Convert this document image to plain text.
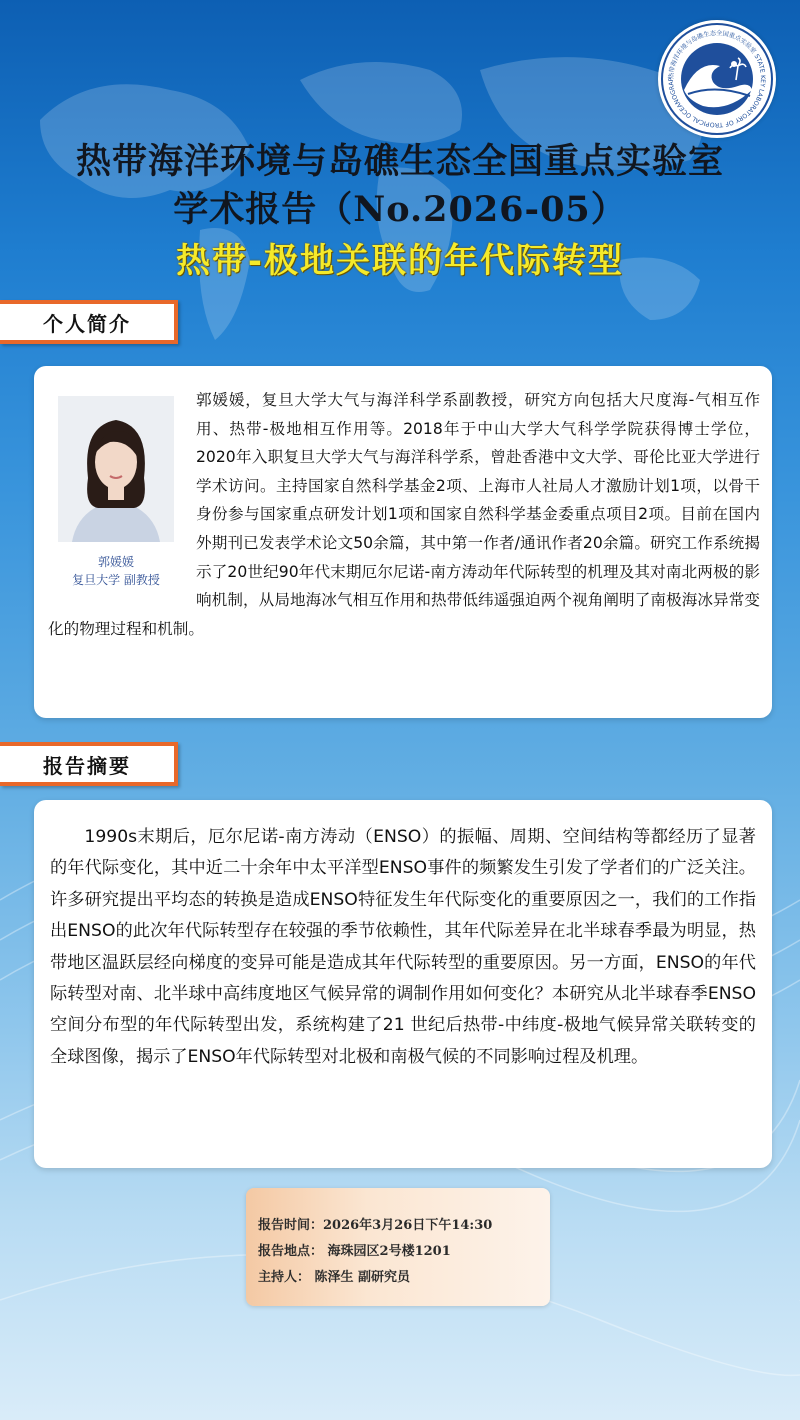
热带海洋环境与岛礁生态全国重点实验室 STATE KEY LABORATORY OF TROPICAL OCEANOGRAP
热带海洋环境与岛礁生态全国重点实验室
学术报告（No.2026-05）
热带-极地关联的年代际转型
个人简介
郭媛媛
复旦大学 副教授
郭媛媛，复旦大学大气与海洋科学系副教授，研究方向包括大尺度海-气相互作用、热带-极地相互作用等。2018年于中山大学大气科学学院获得博士学位，2020年入职复旦大学大气与海洋科学系，曾赴香港中文大学、哥伦比亚大学进行学术访问。主持国家自然科学基金2项、上海市人社局人才激励计划1项，以骨干身份参与国家重点研发计划1项和国家自然科学基金委重点项目2项。目前在国内外期刊已发表学术论文50余篇，其中第一作者/通讯作者20余篇。研究工作系统揭示了20世纪90年代末期厄尔尼诺-南方涛动年代际转型的机理及其对南北两极的影响机制，从局地海冰气相互作用和热带低纬遥强迫两个视角阐明了南极海冰异常变化的物理过程和机制。
报告摘要
1990s末期后，厄尔尼诺-南方涛动（ENSO）的振幅、周期、空间结构等都经历了显著的年代际变化，其中近二十余年中太平洋型ENSO事件的频繁发生引发了学者们的广泛关注。许多研究提出平均态的转换是造成ENSO特征发生年代际变化的重要原因之一，我们的工作指出ENSO的此次年代际转型存在较强的季节依赖性，其年代际差异在北半球春季最为明显，热带地区温跃层经向梯度的变异可能是造成其年代际转型的重要原因。另一方面，ENSO的年代际转型对南、北半球中高纬度地区气候异常的调制作用如何变化？本研究从北半球春季ENSO空间分布型的年代际转型出发，系统构建了21 世纪后热带-中纬度-极地气候异常关联转变的全球图像，揭示了ENSO年代际转型对北极和南极气候的不同影响过程及机理。
报告时间：2026年3月26日下午14:30
报告地点： 海珠园区2号楼1201
主持人： 陈泽生 副研究员
